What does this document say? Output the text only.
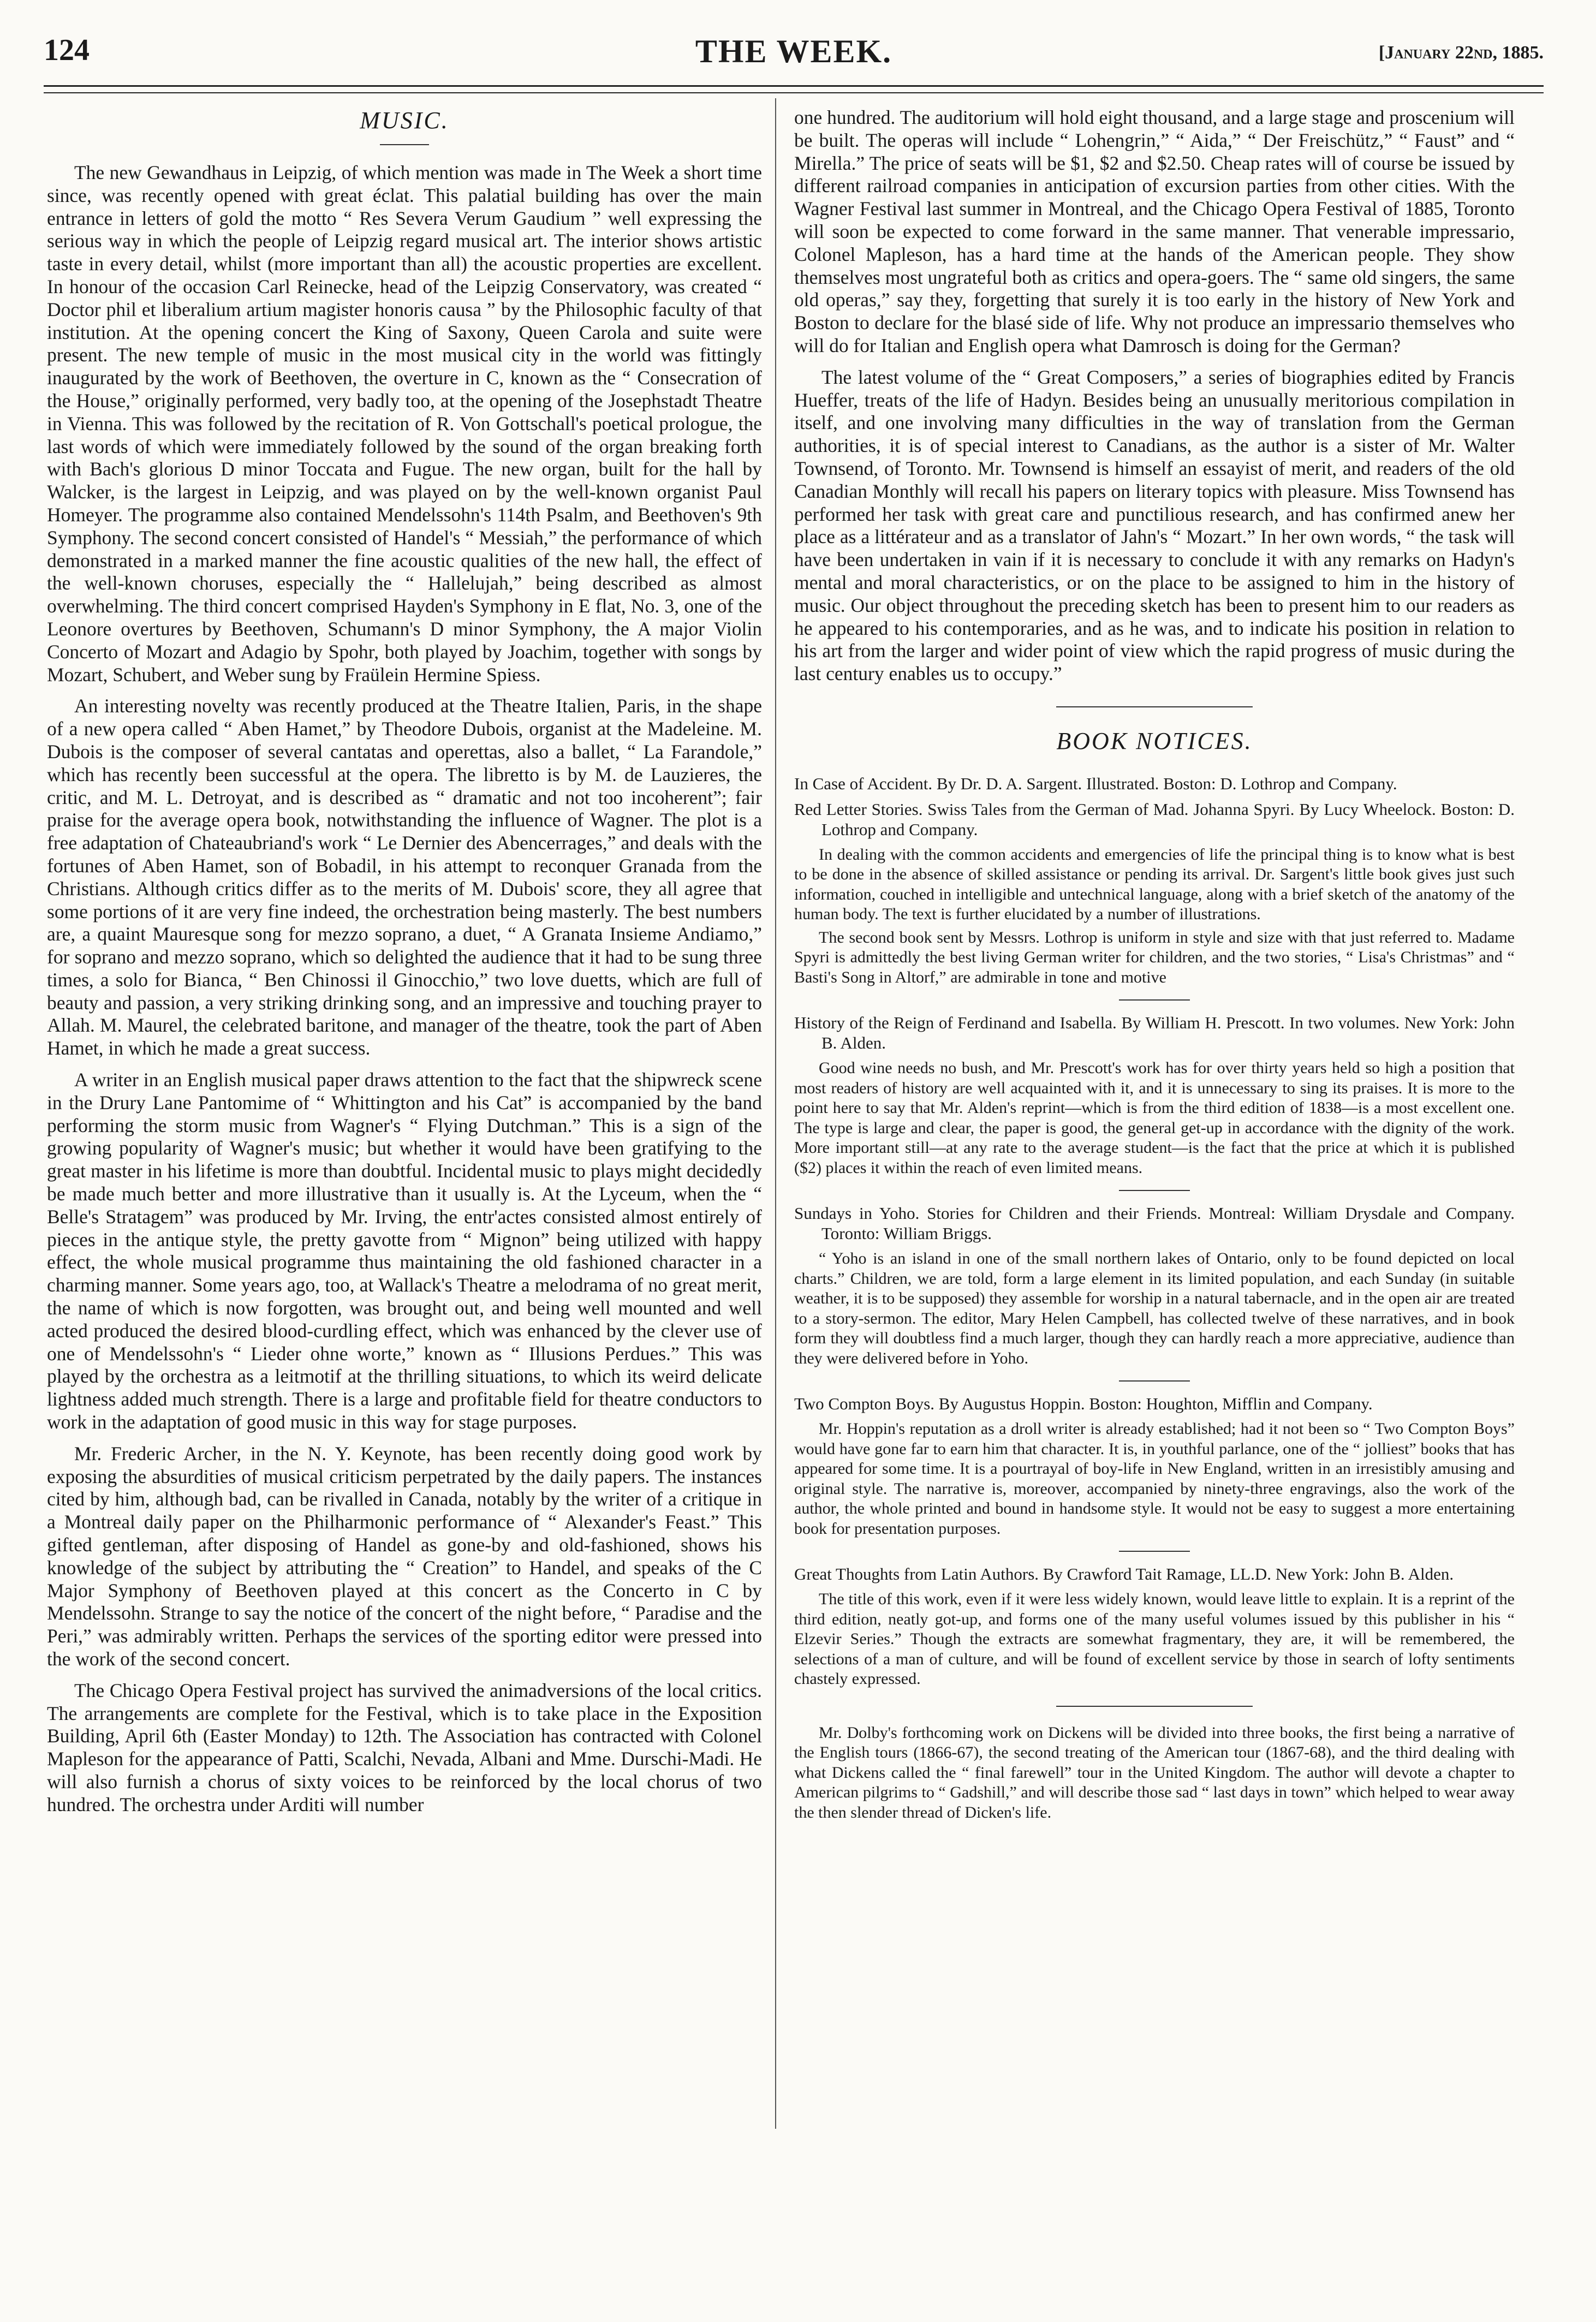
124	THE WEEK.	[January 22nd, 1885.
MUSIC.

The new Gewandhaus in Leipzig, of which mention was made in The Week a short time since, was recently opened with great éclat. This palatial building has over the main entrance in letters of gold the motto “ Res Severa Verum Gaudium ” well expressing the serious way in which the people of Leipzig regard musical art. The interior shows artistic taste in every detail, whilst (more important than all) the acoustic properties are excellent. In honour of the occasion Carl Reinecke, head of the Leipzig Conservatory, was created “ Doctor phil et liberalium artium magister honoris causa ” by the Philosophic faculty of that institution. At the opening concert the King of Saxony, Queen Carola and suite were present. The new temple of music in the most musical city in the world was fittingly inaugurated by the work of Beethoven, the overture in C, known as the “ Consecration of the House,” originally performed, very badly too, at the opening of the Josephstadt Theatre in Vienna. This was followed by the recitation of R. Von Gottschall's poetical prologue, the last words of which were immediately followed by the sound of the organ breaking forth with Bach's glorious D minor Toccata and Fugue. The new organ, built for the hall by Walcker, is the largest in Leipzig, and was played on by the well-known organist Paul Homeyer. The programme also contained Mendelssohn's 114th Psalm, and Beethoven's 9th Symphony. The second concert consisted of Handel's “ Messiah,” the performance of which demonstrated in a marked manner the fine acoustic qualities of the new hall, the effect of the well-known choruses, especially the “ Hallelujah,” being described as almost overwhelming. The third concert comprised Hayden's Symphony in E flat, No. 3, one of the Leonore overtures by Beethoven, Schumann's D minor Symphony, the A major Violin Concerto of Mozart and Adagio by Spohr, both played by Joachim, together with songs by Mozart, Schubert, and Weber sung by Fraülein Hermine Spiess.

An interesting novelty was recently produced at the Theatre Italien, Paris, in the shape of a new opera called “ Aben Hamet,” by Theodore Dubois, organist at the Madeleine. M. Dubois is the composer of several cantatas and operettas, also a ballet, “ La Farandole,” which has recently been successful at the opera. The libretto is by M. de Lauzieres, the critic, and M. L. Detroyat, and is described as “ dramatic and not too incoherent”; fair praise for the average opera book, notwithstanding the influence of Wagner. The plot is a free adaptation of Chateaubriand's work “ Le Dernier des Abencerrages,” and deals with the fortunes of Aben Hamet, son of Bobadil, in his attempt to reconquer Granada from the Christians. Although critics differ as to the merits of M. Dubois' score, they all agree that some portions of it are very fine indeed, the orchestration being masterly. The best numbers are, a quaint Mauresque song for mezzo soprano, a duet, “ A Granata Insieme Andiamo,” for soprano and mezzo soprano, which so delighted the audience that it had to be sung three times, a solo for Bianca, “ Ben Chinossi il Ginocchio,” two love duetts, which are full of beauty and passion, a very striking drinking song, and an impressive and touching prayer to Allah. M. Maurel, the celebrated baritone, and manager of the theatre, took the part of Aben Hamet, in which he made a great success.

A writer in an English musical paper draws attention to the fact that the shipwreck scene in the Drury Lane Pantomime of “ Whittington and his Cat” is accompanied by the band performing the storm music from Wagner's “ Flying Dutchman.” This is a sign of the growing popularity of Wagner's music; but whether it would have been gratifying to the great master in his lifetime is more than doubtful. Incidental music to plays might decidedly be made much better and more illustrative than it usually is. At the Lyceum, when the “ Belle's Stratagem” was produced by Mr. Irving, the entr'actes consisted almost entirely of pieces in the antique style, the pretty gavotte from “ Mignon” being utilized with happy effect, the whole musical programme thus maintaining the old fashioned character in a charming manner. Some years ago, too, at Wallack's Theatre a melodrama of no great merit, the name of which is now forgotten, was brought out, and being well mounted and well acted produced the desired blood-curdling effect, which was enhanced by the clever use of one of Mendelssohn's “ Lieder ohne worte,” known as “ Illusions Perdues.” This was played by the orchestra as a leitmotif at the thrilling situations, to which its weird delicate lightness added much strength. There is a large and profitable field for theatre conductors to work in the adaptation of good music in this way for stage purposes.

Mr. Frederic Archer, in the N. Y. Keynote, has been recently doing good work by exposing the absurdities of musical criticism perpetrated by the daily papers. The instances cited by him, although bad, can be rivalled in Canada, notably by the writer of a critique in a Montreal daily paper on the Philharmonic performance of “ Alexander's Feast.” This gifted gentleman, after disposing of Handel as gone-by and old-fashioned, shows his knowledge of the subject by attributing the “ Creation” to Handel, and speaks of the C Major Symphony of Beethoven played at this concert as the Concerto in C by Mendelssohn. Strange to say the notice of the concert of the night before, “ Paradise and the Peri,” was admirably written. Perhaps the services of the sporting editor were pressed into the work of the second concert.

The Chicago Opera Festival project has survived the animadversions of the local critics. The arrangements are complete for the Festival, which is to take place in the Exposition Building, April 6th (Easter Monday) to 12th. The Association has contracted with Colonel Mapleson for the appearance of Patti, Scalchi, Nevada, Albani and Mme. Durschi-Madi. He will also furnish a chorus of sixty voices to be reinforced by the local chorus of two hundred. The orchestra under Arditi will number

one hundred. The auditorium will hold eight thousand, and a large stage and proscenium will be built. The operas will include “ Lohengrin,” “ Aida,” “ Der Freischütz,” “ Faust” and “ Mirella.” The price of seats will be $1, $2 and $2.50. Cheap rates will of course be issued by different railroad companies in anticipation of excursion parties from other cities. With the Wagner Festival last summer in Montreal, and the Chicago Opera Festival of 1885, Toronto will soon be expected to come forward in the same manner. That venerable impressario, Colonel Mapleson, has a hard time at the hands of the American people. They show themselves most ungrateful both as critics and opera-goers. The “ same old singers, the same old operas,” say they, forgetting that surely it is too early in the history of New York and Boston to declare for the blasé side of life. Why not produce an impressario themselves who will do for Italian and English opera what Damrosch is doing for the German?

The latest volume of the “ Great Composers,” a series of biographies edited by Francis Hueffer, treats of the life of Hadyn. Besides being an unusually meritorious compilation in itself, and one involving many difficulties in the way of translation from the German authorities, it is of special interest to Canadians, as the author is a sister of Mr. Walter Townsend, of Toronto. Mr. Townsend is himself an essayist of merit, and readers of the old Canadian Monthly will recall his papers on literary topics with pleasure. Miss Townsend has performed her task with great care and punctilious research, and has confirmed anew her place as a littérateur and as a translator of Jahn's “ Mozart.” In her own words, “ the task will have been undertaken in vain if it is necessary to conclude it with any remarks on Hadyn's mental and moral characteristics, or on the place to be assigned to him in the history of music. Our object throughout the preceding sketch has been to present him to our readers as he appeared to his contemporaries, and as he was, and to indicate his position in relation to his art from the larger and wider point of view which the rapid progress of music during the last century enables us to occupy.”

BOOK NOTICES.

In Case of Accident. By Dr. D. A. Sargent. Illustrated. Boston: D. Lothrop and Company.

Red Letter Stories. Swiss Tales from the German of Mad. Johanna Spyri. By Lucy Wheelock. Boston: D. Lothrop and Company.

In dealing with the common accidents and emergencies of life the principal thing is to know what is best to be done in the absence of skilled assistance or pending its arrival. Dr. Sargent's little book gives just such information, couched in intelligible and untechnical language, along with a brief sketch of the anatomy of the human body. The text is further elucidated by a number of illustrations.

The second book sent by Messrs. Lothrop is uniform in style and size with that just referred to. Madame Spyri is admittedly the best living German writer for children, and the two stories, “ Lisa's Christmas” and “ Basti's Song in Altorf,” are admirable in tone and motive

History of the Reign of Ferdinand and Isabella. By William H. Prescott. In two volumes. New York: John B. Alden.

Good wine needs no bush, and Mr. Prescott's work has for over thirty years held so high a position that most readers of history are well acquainted with it, and it is unnecessary to sing its praises. It is more to the point here to say that Mr. Alden's reprint—which is from the third edition of 1838—is a most excellent one. The type is large and clear, the paper is good, the general get-up in accordance with the dignity of the work. More important still—at any rate to the average student—is the fact that the price at which it is published ($2) places it within the reach of even limited means.

Sundays in Yoho. Stories for Children and their Friends. Montreal: William Drysdale and Company. Toronto: William Briggs.

“ Yoho is an island in one of the small northern lakes of Ontario, only to be found depicted on local charts.” Children, we are told, form a large element in its limited population, and each Sunday (in suitable weather, it is to be supposed) they assemble for worship in a natural tabernacle, and in the open air are treated to a story-sermon. The editor, Mary Helen Campbell, has collected twelve of these narratives, and in book form they will doubtless find a much larger, though they can hardly reach a more appreciative, audience than they were delivered before in Yoho.

Two Compton Boys. By Augustus Hoppin. Boston: Houghton, Mifflin and Company.

Mr. Hoppin's reputation as a droll writer is already established; had it not been so “ Two Compton Boys” would have gone far to earn him that character. It is, in youthful parlance, one of the “ jolliest” books that has appeared for some time. It is a pourtrayal of boy-life in New England, written in an irresistibly amusing and original style. The narrative is, moreover, accompanied by ninety-three engravings, also the work of the author, the whole printed and bound in handsome style. It would not be easy to suggest a more entertaining book for presentation purposes.

Great Thoughts from Latin Authors. By Crawford Tait Ramage, LL.D. New York: John B. Alden.

The title of this work, even if it were less widely known, would leave little to explain. It is a reprint of the third edition, neatly got-up, and forms one of the many useful volumes issued by this publisher in his “ Elzevir Series.” Though the extracts are somewhat fragmentary, they are, it will be remembered, the selections of a man of culture, and will be found of excellent service by those in search of lofty sentiments chastely expressed.

Mr. Dolby's forthcoming work on Dickens will be divided into three books, the first being a narrative of the English tours (1866-67), the second treating of the American tour (1867-68), and the third dealing with what Dickens called the “ final farewell” tour in the United Kingdom. The author will devote a chapter to American pilgrims to “ Gadshill,” and will describe those sad “ last days in town” which helped to wear away the then slender thread of Dicken's life.
